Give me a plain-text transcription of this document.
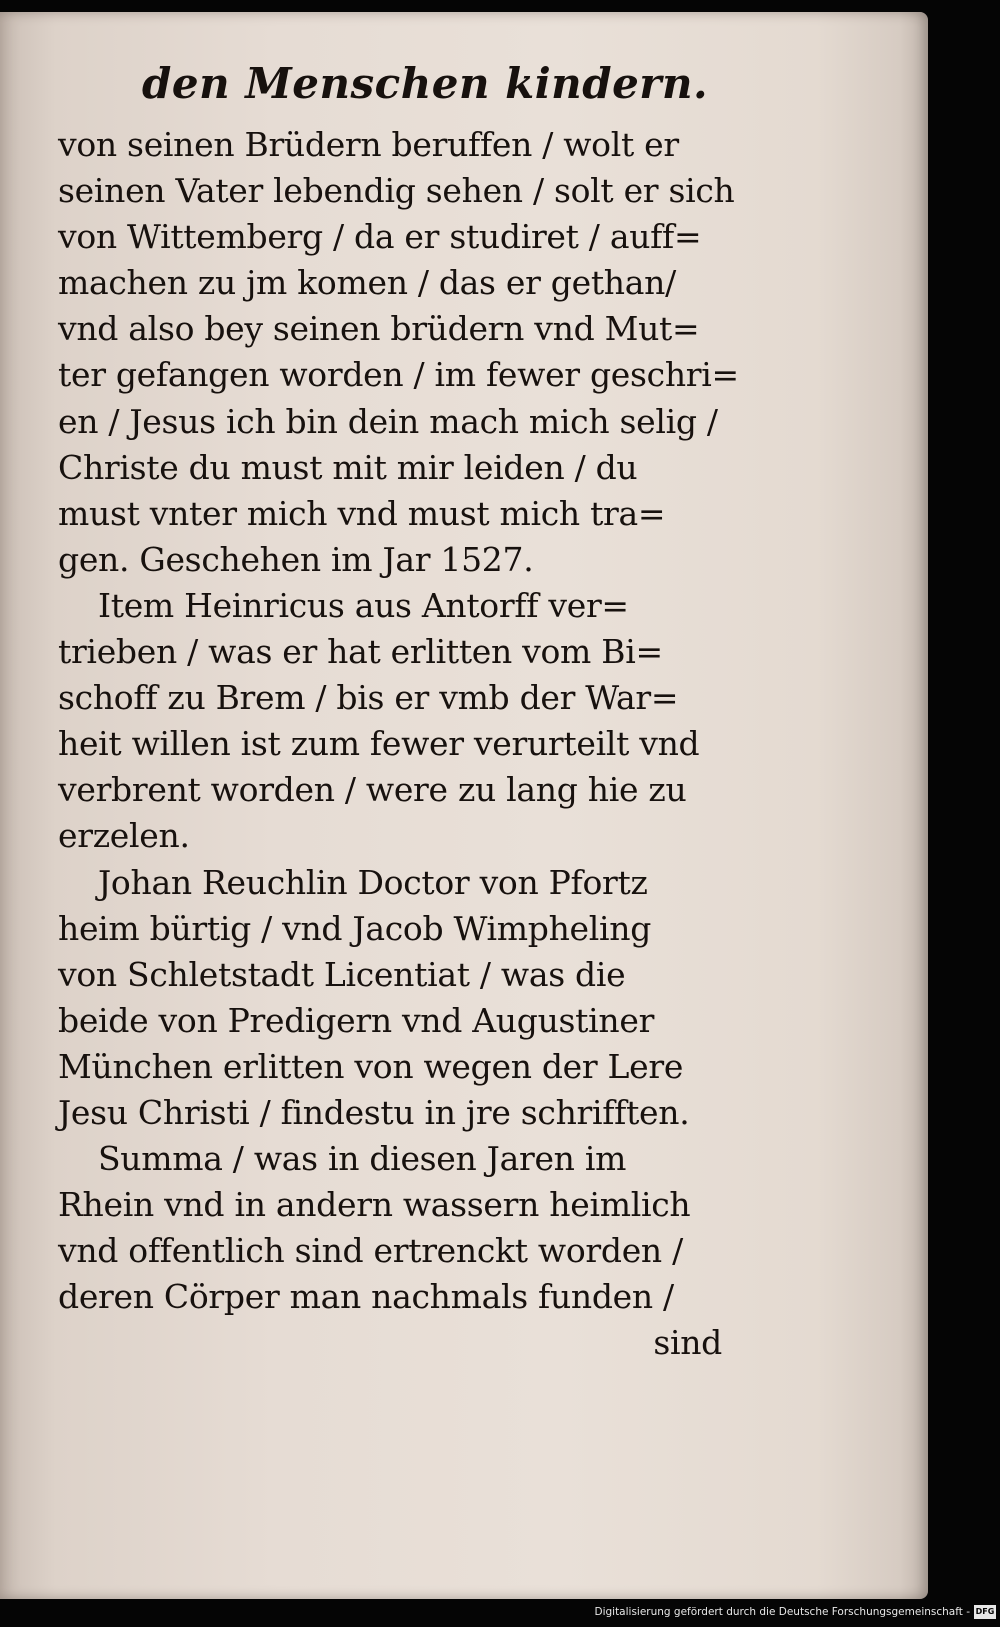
den Menschen kindern.
von seinen Brüdern beruffen / wolt er
seinen Vater lebendig sehen / solt er sich
von Wittemberg / da er studiret / auff=
machen zu jm komen / das er gethan/
vnd also bey seinen brüdern vnd Mut=
ter gefangen worden / im fewer geschri=
en / Jesus ich bin dein mach mich selig /
Christe du must mit mir leiden / du
must vnter mich vnd must mich tra=
gen. Geschehen im Jar 1527.
Item Heinricus aus Antorff ver=
trieben / was er hat erlitten vom Bi=
schoff zu Brem / bis er vmb der War=
heit willen ist zum fewer verurteilt vnd
verbrent worden / were zu lang hie zu
erzelen.
Johan Reuchlin Doctor von Pfortz
heim bürtig / vnd Jacob Wimpheling
von Schletstadt Licentiat / was die
beide von Predigern vnd Augustiner
München erlitten von wegen der Lere
Jesu Christi / findestu in jre schrifften.
Summa / was in diesen Jaren im
Rhein vnd in andern wassern heimlich
vnd offentlich sind ertrenckt worden /
deren Cörper man nachmals funden /
sind
Digitalisierung gefördert durch die Deutsche Forschungsgemeinschaft - DFG
